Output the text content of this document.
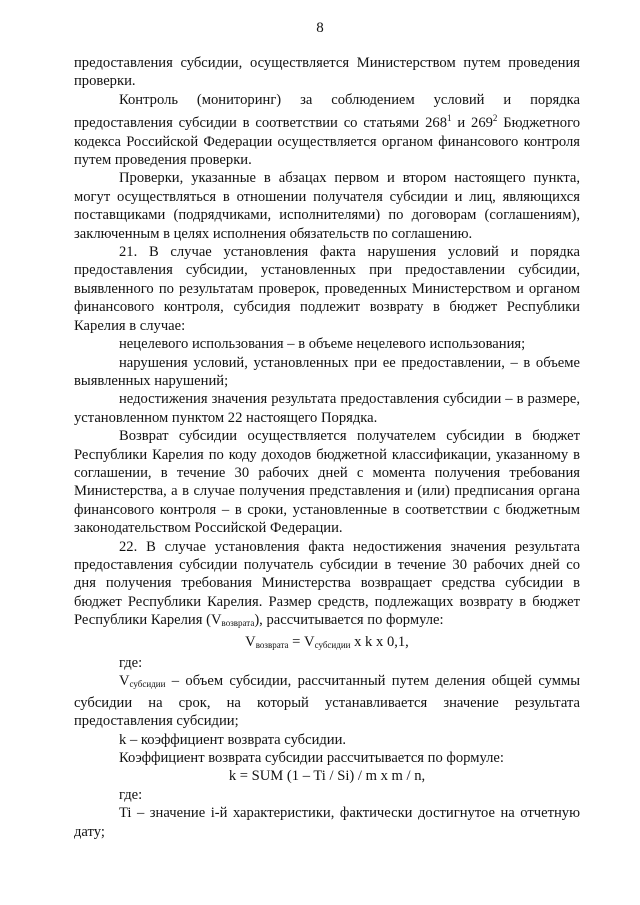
8

предоставления субсидии, осуществляется Министерством путем проведения проверки.

Контроль (мониторинг) за соблюдением условий и порядка предоставления субсидии в соответствии со статьями $268^1$ и $269^2$ Бюджетного кодекса Российской Федерации осуществляется органом финансового контроля путем проведения проверки.

Проверки, указанные в абзацах первом и втором настоящего пункта, могут осуществляться в отношении получателя субсидии и лиц, являющихся поставщиками (подрядчиками, исполнителями) по договорам (соглашениям), заключенным в целях исполнения обязательств по соглашению.

21. В случае установления факта нарушения условий и порядка предоставления субсидии, установленных при предоставлении субсидии, выявленного по результатам проверок, проведенных Министерством и органом финансового контроля, субсидия подлежит возврату в бюджет Республики Карелия в случае:

нецелевого использования – в объеме нецелевого использования;

нарушения условий, установленных при ее предоставлении, – в объеме выявленных нарушений;

недостижения значения результата предоставления субсидии – в размере, установленном пунктом 22 настоящего Порядка.

Возврат субсидии осуществляется получателем субсидии в бюджет Республики Карелия по коду доходов бюджетной классификации, указанному в соглашении, в течение 30 рабочих дней с момента получения требования Министерства, а в случае получения представления и (или) предписания органа финансового контроля – в сроки, установленные в соответствии с бюджетным законодательством Российской Федерации.

22. В случае установления факта недостижения значения результата предоставления субсидии получатель субсидии в течение 30 рабочих дней со дня получения требования Министерства возвращает средства субсидии в бюджет Республики Карелия. Размер средств, подлежащих возврату в бюджет Республики Карелия $(V_{возврата})$, рассчитывается по формуле:

$V_{возврата} = V_{субсидии}$ x k x 0,1,

где:

$V_{субсидии}$ – объем субсидии, рассчитанный путем деления общей суммы субсидии на срок, на который устанавливается значение результата предоставления субсидии;

k – коэффициент возврата субсидии.

Коэффициент возврата субсидии рассчитывается по формуле:

k = SUM (1 – Ti / Si) / m x m / n,

где:

Ti – значение i-й характеристики, фактически достигнутое на отчетную дату;
